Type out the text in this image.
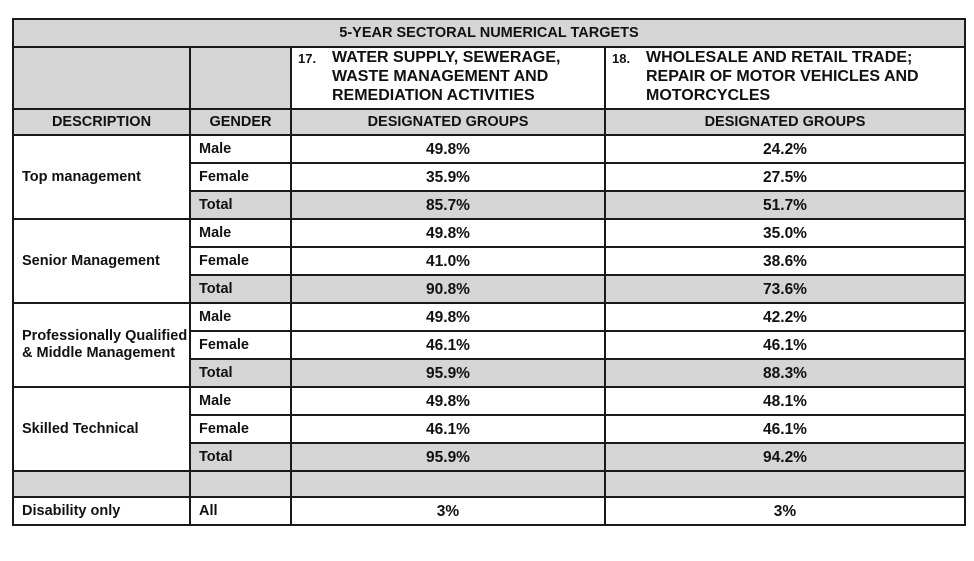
5-YEAR SECTORAL NUMERICAL TARGETS			
		17. WATER SUPPLY, SEWERAGE, WASTE MANAGEMENT AND REMEDIATION ACTIVITIES	18. WHOLESALE AND RETAIL TRADE; REPAIR OF MOTOR VEHICLES AND MOTORCYCLES
DESCRIPTION	GENDER	DESIGNATED GROUPS	DESIGNATED GROUPS
Top management	Male	49.8%	24.2%
	Female	35.9%	27.5%
	Total	85.7%	51.7%
Senior Management	Male	49.8%	35.0%
	Female	41.0%	38.6%
	Total	90.8%	73.6%
Professionally Qualified & Middle Management	Male	49.8%	42.2%
	Female	46.1%	46.1%
	Total	95.9%	88.3%
Skilled Technical	Male	49.8%	48.1%
	Female	46.1%	46.1%
	Total	95.9%	94.2%

Disability only	All	3%	3%
